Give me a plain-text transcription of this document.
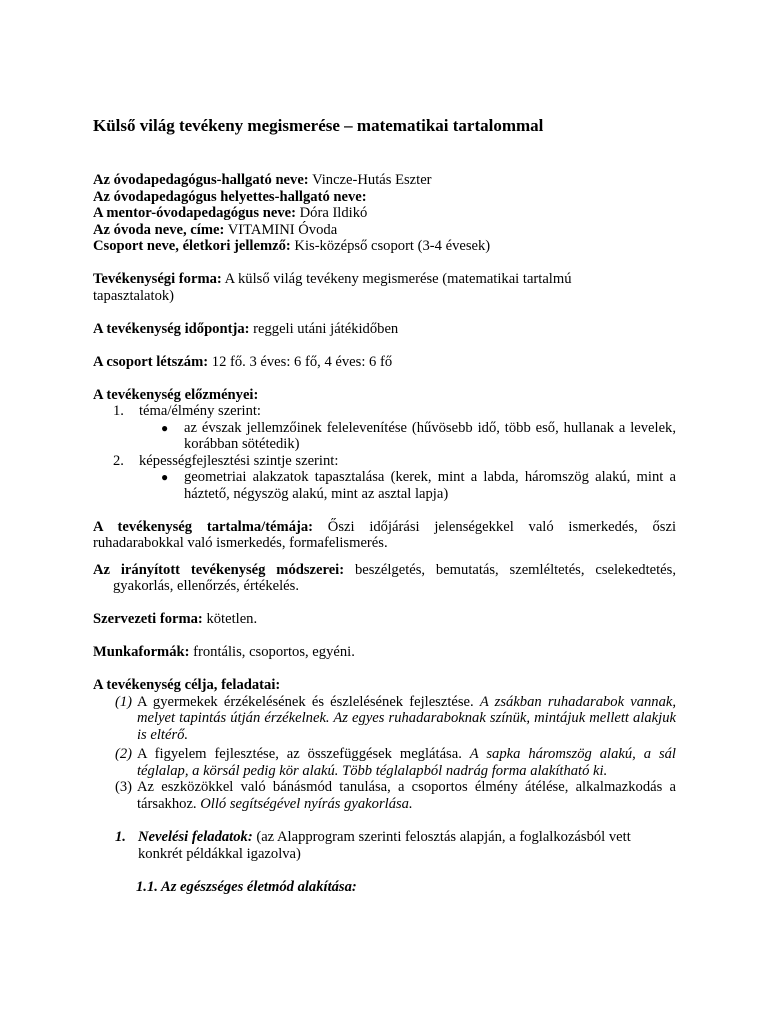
Külső világ tevékeny megismerése – matematikai tartalommal

Az óvodapedagógus-hallgató neve: Vincze-Hutás Eszter

Az óvodapedagógus helyettes-hallgató neve:

A mentor-óvodapedagógus neve: Dóra Ildikó

Az óvoda neve, címe: VITAMINI Óvoda

Csoport neve, életkori jellemző: Kis-középső csoport (3-4 évesek)

Tevékenységi forma: A külső világ tevékeny megismerése (matematikai tartalmú
tapasztalatok)

A tevékenység időpontja: reggeli utáni játékidőben

A csoport létszám: 12 fő. 3 éves: 6 fő, 4 éves: 6 fő

A tevékenység előzményei:

1. téma/élmény szerint:
● az évszak jellemzőinek felelevenítése (hűvösebb idő, több eső, hullanak a levelek, korábban sötétedik)
2. képességfejlesztési szintje szerint:
● geometriai alakzatok tapasztalása (kerek, mint a labda, háromszög alakú, mint a háztető, négyszög alakú, mint az asztal lapja)

A tevékenység tartalma/témája: Őszi időjárási jelenségekkel való ismerkedés, őszi ruhadarabokkal való ismerkedés, formafelismerés.

Az irányított tevékenység módszerei: beszélgetés, bemutatás, szemléltetés, cselekedtetés, gyakorlás, ellenőrzés, értékelés.

Szervezeti forma: kötetlen.

Munkaformák: frontális, csoportos, egyéni.

A tevékenység célja, feladatai:

(1) A gyermekek érzékelésének és észlelésének fejlesztése. A zsákban ruhadarabok vannak, melyet tapintás útján érzékelnek. Az egyes ruhadaraboknak színük, mintájuk mellett alakjuk is eltérő.

(2) A figyelem fejlesztése, az összefüggések meglátása. A sapka háromszög alakú, a sál téglalap, a körsál pedig kör alakú. Több téglalapból nadrág forma alakítható ki.

(3) Az eszközökkel való bánásmód tanulása, a csoportos élmény átélése, alkalmazkodás a társakhoz. Olló segítségével nyírás gyakorlása.

1. Nevelési feladatok: (az Alapprogram szerinti felosztás alapján, a foglalkozásból vett konkrét példákkal igazolva)

1.1. Az egészséges életmód alakítása:
